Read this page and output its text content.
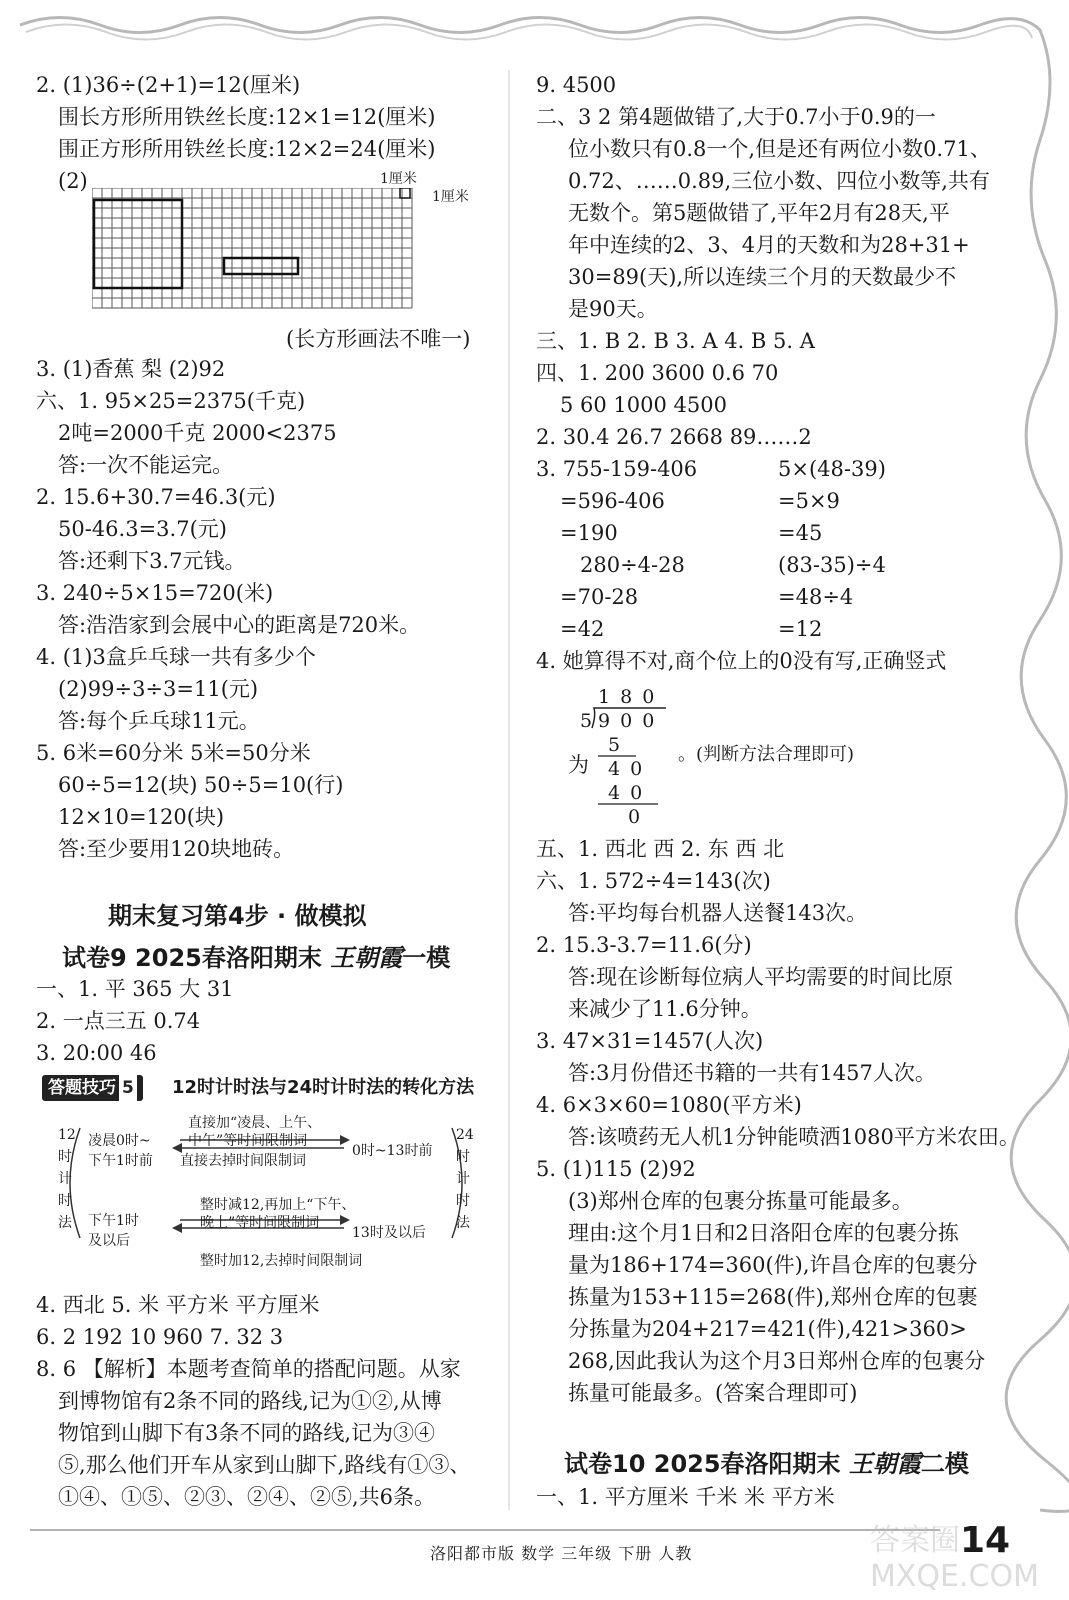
2. (1)36÷(2+1)=12(厘米)
围长方形所用铁丝长度:12×1=12(厘米)
围正方形所用铁丝长度:12×2=24(厘米)
(2)	1厘米
1厘米
(长方形画法不唯一)
3. (1)香蕉 梨 (2)92
六、1. 95×25=2375(千克)
2吨=2000千克 2000<2375
答:一次不能运完。
2. 15.6+30.7=46.3(元)
50-46.3=3.7(元)
答:还剩下3.7元钱。
3. 240÷5×15=720(米)
答:浩浩家到会展中心的距离是720米。
4. (1)3盒乒乓球一共有多少个
(2)99÷3÷3=11(元)
答:每个乒乓球11元。
5. 6米=60分米 5米=50分米
60÷5=12(块) 50÷5=10(行)
12×10=120(块)
答:至少要用120块地砖。
期末复习第4步 · 做模拟
试卷9 2025春洛阳期末 王朝霞一模
一、1. 平 365 大 31
2. 一点三五 0.74
3. 20:00 46
答题技巧 5	12时计时法与24时计时法的转化方法
12时计时法
24时计时法
凌晨0时~
下午1时前
直接加“凌晨、上午、
中午”等时间限制词
直接去掉时间限制词
0时~13时前
下午1时
及以后
整时减12,再加上“下午、
晚上”等时间限制词
整时加12,去掉时间限制词
13时及以后
4. 西北 5. 米 平方米 平方厘米
6. 2 192 10 960 7. 32 3
8. 6 【解析】本题考查简单的搭配问题。从家
到博物馆有2条不同的路线,记为①②,从博
物馆到山脚下有3条不同的路线,记为③④
⑤,那么他们开车从家到山脚下,路线有①③、
①④、①⑤、②③、②④、②⑤,共6条。
9. 4500
二、3 2 第4题做错了,大于0.7小于0.9的一
位小数只有0.8一个,但是还有两位小数0.71、
0.72、……0.89,三位小数、四位小数等,共有
无数个。第5题做错了,平年2月有28天,平
年中连续的2、3、4月的天数和为28+31+
30=89(天),所以连续三个月的天数最少不
是90天。
三、1. B 2. B 3. A 4. B 5. A
四、1. 200 3600 0.6 70
5 60 1000 4500
2. 30.4 26.7 2668 89……2
3. 755-159-406	5×(48-39)
=596-406	=5×9
=190	=45
280÷4-28	(83-35)÷4
=70-28	=48÷4
=42	=12
4. 她算得不对,商个位上的0没有写,正确竖式
1 8 0
5 9 0 0
5
4 0
4 0
0
为	。(判断方法合理即可)
五、1. 西北 西 2. 东 西 北
六、1. 572÷4=143(次)
答:平均每台机器人送餐143次。
2. 15.3-3.7=11.6(分)
答:现在诊断每位病人平均需要的时间比原
来减少了11.6分钟。
3. 47×31=1457(人次)
答:3月份借还书籍的一共有1457人次。
4. 6×3×60=1080(平方米)
答:该喷药无人机1分钟能喷洒1080平方米农田。
5. (1)115 (2)92
(3)郑州仓库的包裹分拣量可能最多。
理由:这个月1日和2日洛阳仓库的包裹分拣
量为186+174=360(件),许昌仓库的包裹分
拣量为153+115=268(件),郑州仓库的包裹
分拣量为204+217=421(件),421>360>
268,因此我认为这个月3日郑州仓库的包裹分
拣量可能最多。(答案合理即可)
试卷10 2025春洛阳期末 王朝霞二模
一、1. 平方厘米 千米 米 平方米
洛阳都市版 数学 三年级 下册 人教	14
答案圈 MXQE.COM
